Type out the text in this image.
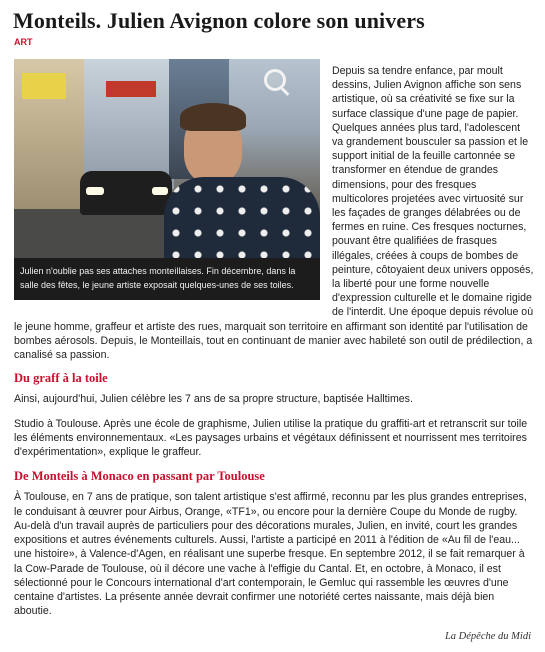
Monteils. Julien Avignon colore son univers
ART
Julien n'oublie pas ses attaches monteillaises. Fin décembre, dans la salle des fêtes, le jeune artiste exposait quelques-unes de ses toiles.

Depuis sa tendre enfance, par moult dessins, Julien Avignon affiche son sens artistique, où sa créativité se fixe sur la surface classique d'une page de papier. Quelques années plus tard, l'adolescent va grandement bousculer sa passion et le support initial de la feuille cartonnée se transformer en étendue de grandes dimensions, pour des fresques multicolores projetées avec virtuosité sur les façades de granges délabrées ou de fermes en ruine. Ces fresques nocturnes, pouvant être qualifiées de frasques illégales, créées à coups de bombes de peinture, côtoyaient deux univers opposés, la liberté pour une forme nouvelle d'expression culturelle et le domaine rigide de l'interdit. Une époque depuis révolue où le jeune homme, graffeur et artiste des rues, marquait son territoire en affirmant son identité par l'utilisation de bombes aérosols. Depuis, le Monteillais, tout en continuant de manier avec habileté son outil de prédilection, a canalisé sa passion.

Du graff à la toile

Ainsi, aujourd'hui, Julien célèbre les 7 ans de sa propre structure, baptisée Halltimes.

Studio à Toulouse. Après une école de graphisme, Julien utilise la pratique du graffiti-art et retranscrit sur toile les éléments environnementaux. «Les paysages urbains et végétaux définissent et nourrissent mes territoires d'expérimentation», explique le graffeur.

De Monteils à Monaco en passant par Toulouse

À Toulouse, en 7 ans de pratique, son talent artistique s'est affirmé, reconnu par les plus grandes entreprises, le conduisant à œuvrer pour Airbus, Orange, «TF1», ou encore pour la dernière Coupe du Monde de rugby. Au-delà d'un travail auprès de particuliers pour des décorations murales, Julien, en invité, court les grandes expositions et autres événements culturels. Aussi, l'artiste a participé en 2011 à l'édition de «Au fil de l'eau... une histoire», à Valence-d'Agen, en réalisant une superbe fresque. En septembre 2012, il se fait remarquer à la Cow-Parade de Toulouse, où il décore une vache à l'effigie du Cantal. Et, en octobre, à Monaco, il est sélectionné pour le Concours international d'art contemporain, le Gemluc qui rassemble les œuvres d'une centaine d'artistes. La présente année devrait confirmer une notoriété certes naissante, mais déjà bien aboutie.

La Dépêche du Midi
